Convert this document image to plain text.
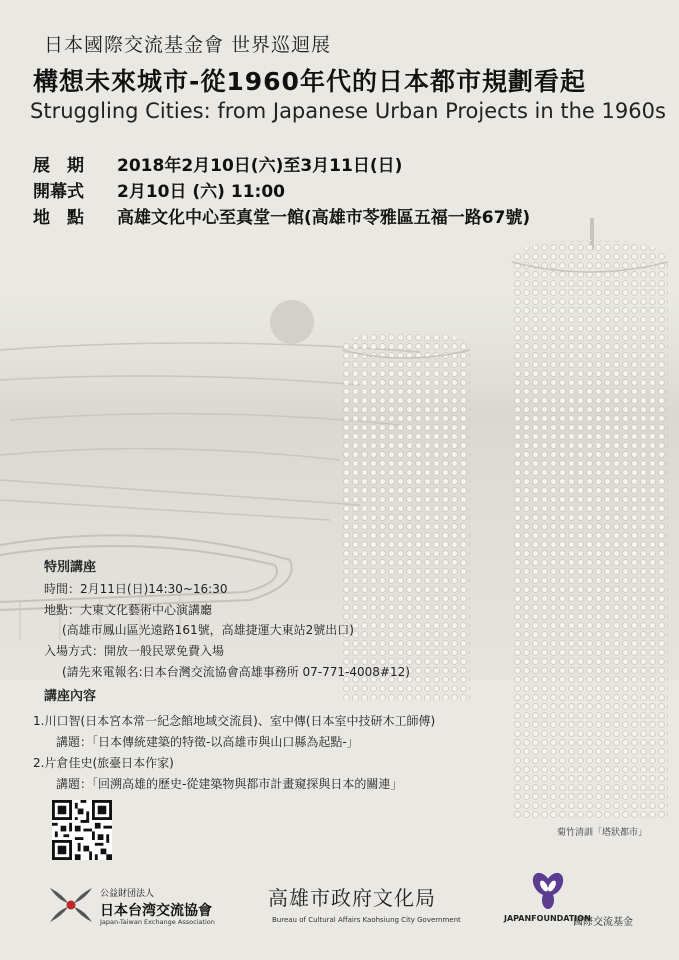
日本國際交流基金會 世界巡迴展
構想未來城市-從1960年代的日本都市規劃看起
Struggling Cities: from Japanese Urban Projects in the 1960s
展　期 2018年2月10日(六)至3月11日(日)
開幕式 2月10日 (六) 11:00
地　點 高雄文化中心至真堂一館(高雄市苓雅區五福一路67號)
特別講座
時間：2月11日(日)14:30~16:30
地點：大東文化藝術中心演講廳
(高雄市鳳山區光遠路161號，高雄捷運大東站2號出口)
入場方式：開放一般民眾免費入場
(請先來電報名:日本台灣交流協會高雄事務所 07-771-4008#12)
講座內容
1.川口智(日本宮本常一紀念館地域交流員)、室中傳(日本室中技研木工師傅)
講題：「日本傳統建築的特徵-以高雄市與山口縣為起點-」
2.片倉佳史(旅臺日本作家)
講題：「回溯高雄的歷史-從建築物與都市計畫窺探與日本的關連」
菊竹清訓「塔狀都市」
公益財団法人
日本台湾交流協會
Japan-Taiwan Exchange Association
高雄市政府文化局
Bureau of Cultural Affairs Kaohsiung City Government	JAPANFOUNDATION
國際交流基金
